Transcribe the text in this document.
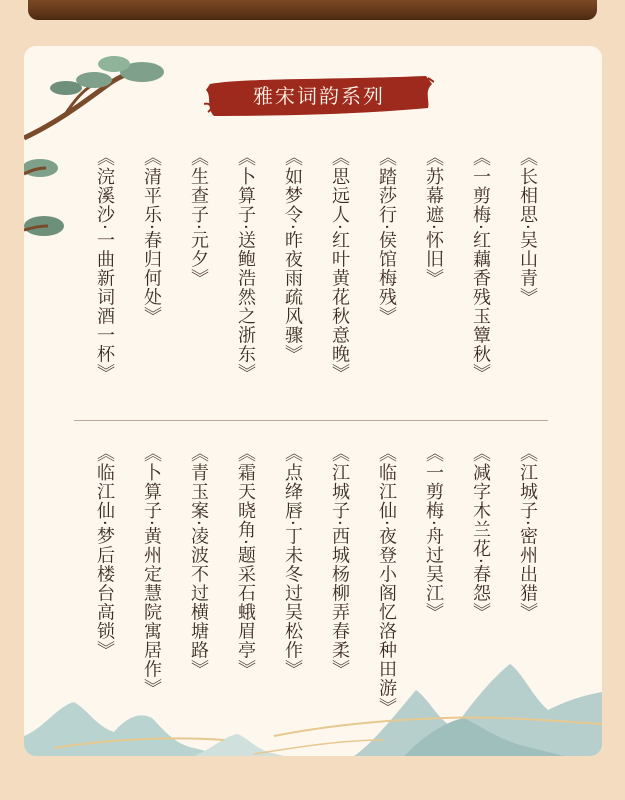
雅宋词韵系列
《长相思·吴山青》
《一剪梅·红藕香残玉簟秋》
《苏幕遮·怀旧》
《踏莎行·侯馆梅残》
《思远人·红叶黄花秋意晚》
《如梦令·昨夜雨疏风骤》
《卜算子·送鲍浩然之浙东》
《生查子·元夕》
《清平乐·春归何处》
《浣溪沙·一曲新词酒一杯》
《江城子·密州出猎》
《减字木兰花·春怨》
《一剪梅·舟过吴江》
《临江仙·夜登小阁忆洛种田游》
《江城子·西城杨柳弄春柔》
《点绛唇·丁未冬过吴松作》
《霜天晓角·题采石蛾眉亭》
《青玉案·凌波不过横塘路》
《卜算子·黄州定慧院寓居作》
《临江仙·梦后楼台高锁》
